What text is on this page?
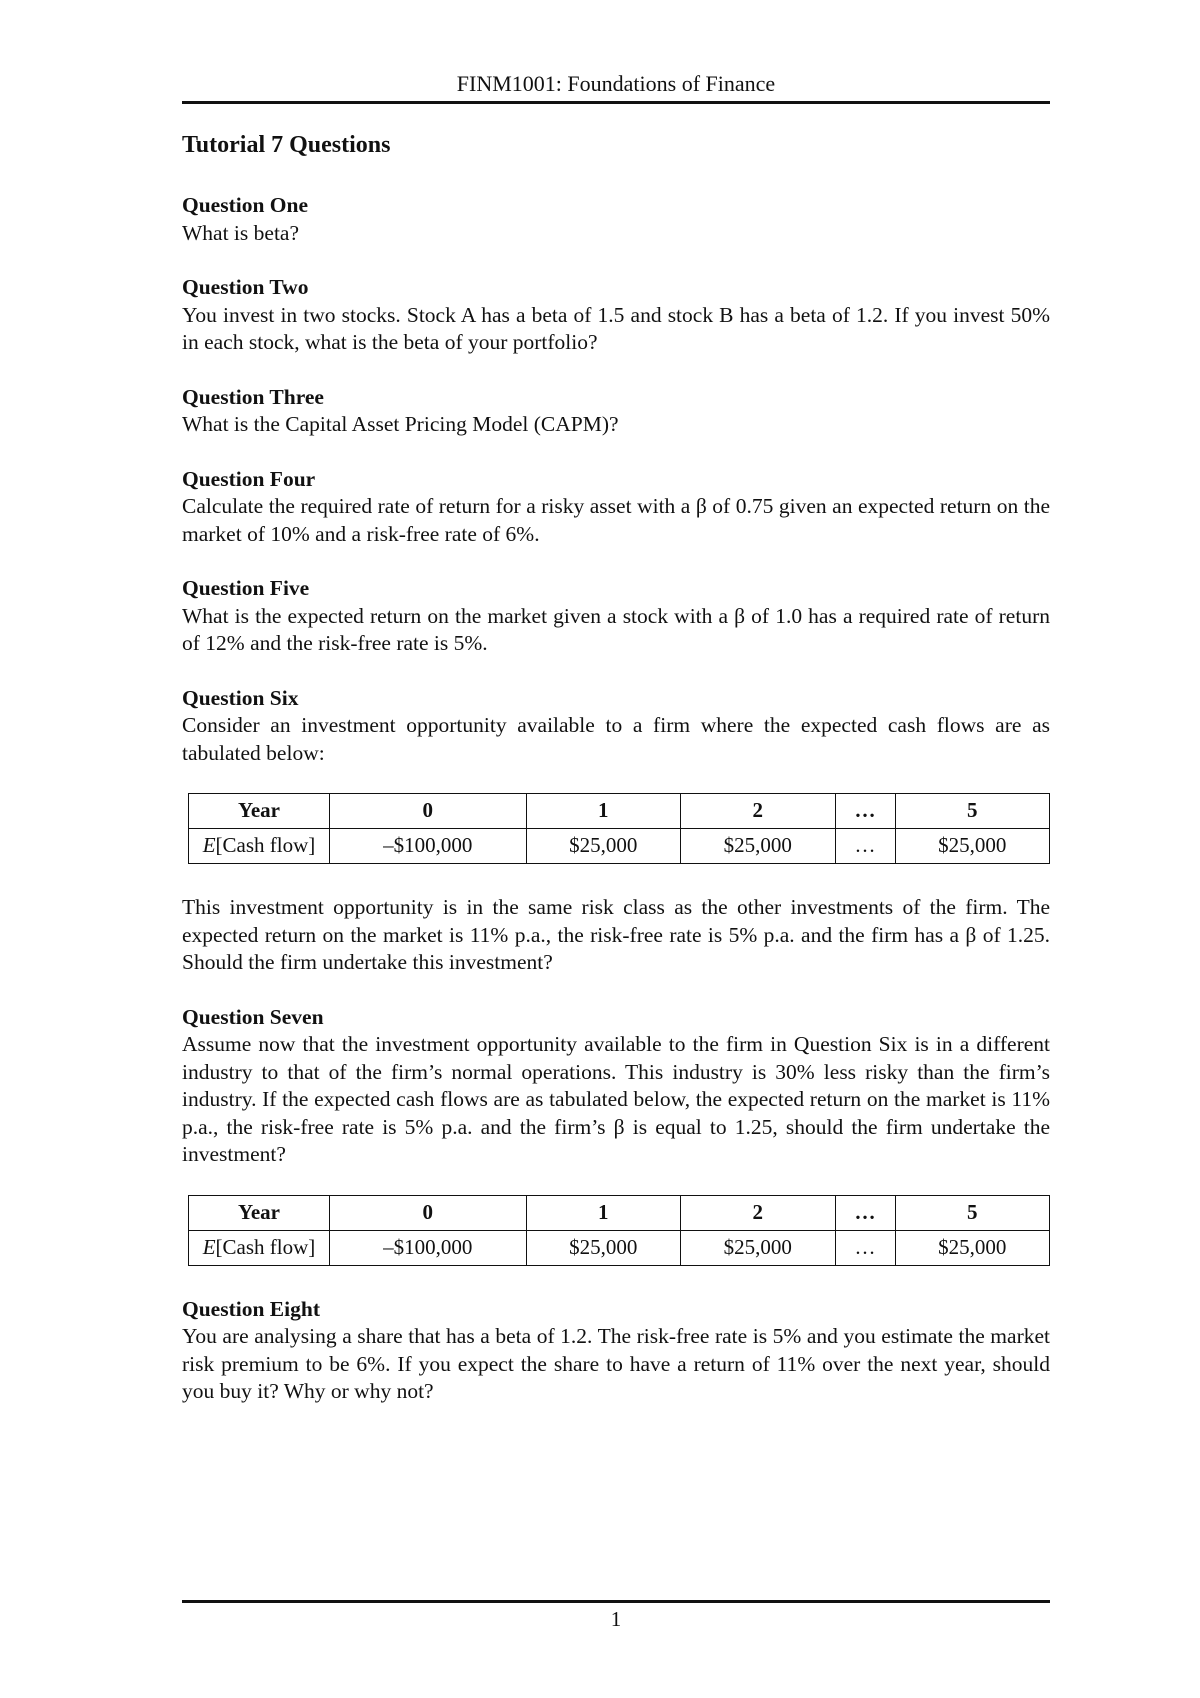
FINM1001: Foundations of Finance
Tutorial 7 Questions

Question One

What is beta?

Question Two

You invest in two stocks. Stock A has a beta of 1.5 and stock B has a beta of 1.2. If you invest 50% in each stock, what is the beta of your portfolio?

Question Three

What is the Capital Asset Pricing Model (CAPM)?

Question Four

Calculate the required rate of return for a risky asset with a β of 0.75 given an expected return on the market of 10% and a risk-free rate of 6%.

Question Five

What is the expected return on the market given a stock with a β of 1.0 has a required rate of return of 12% and the risk-free rate is 5%.

Question Six

Consider an investment opportunity available to a firm where the expected cash flows are as tabulated below:

Year	0	1	2	…	5
E[Cash flow]	–$100,000	$25,000	$25,000	…	$25,000

This investment opportunity is in the same risk class as the other investments of the firm. The expected return on the market is 11% p.a., the risk-free rate is 5% p.a. and the firm has a β of 1.25. Should the firm undertake this investment?

Question Seven

Assume now that the investment opportunity available to the firm in Question Six is in a different industry to that of the firm’s normal operations. This industry is 30% less risky than the firm’s industry. If the expected cash flows are as tabulated below, the expected return on the market is 11% p.a., the risk-free rate is 5% p.a. and the firm’s β is equal to 1.25, should the firm undertake the investment?

Year	0	1	2	…	5
E[Cash flow]	–$100,000	$25,000	$25,000	…	$25,000

Question Eight

You are analysing a share that has a beta of 1.2. The risk-free rate is 5% and you estimate the market risk premium to be 6%. If you expect the share to have a return of 11% over the next year, should you buy it? Why or why not?

1
